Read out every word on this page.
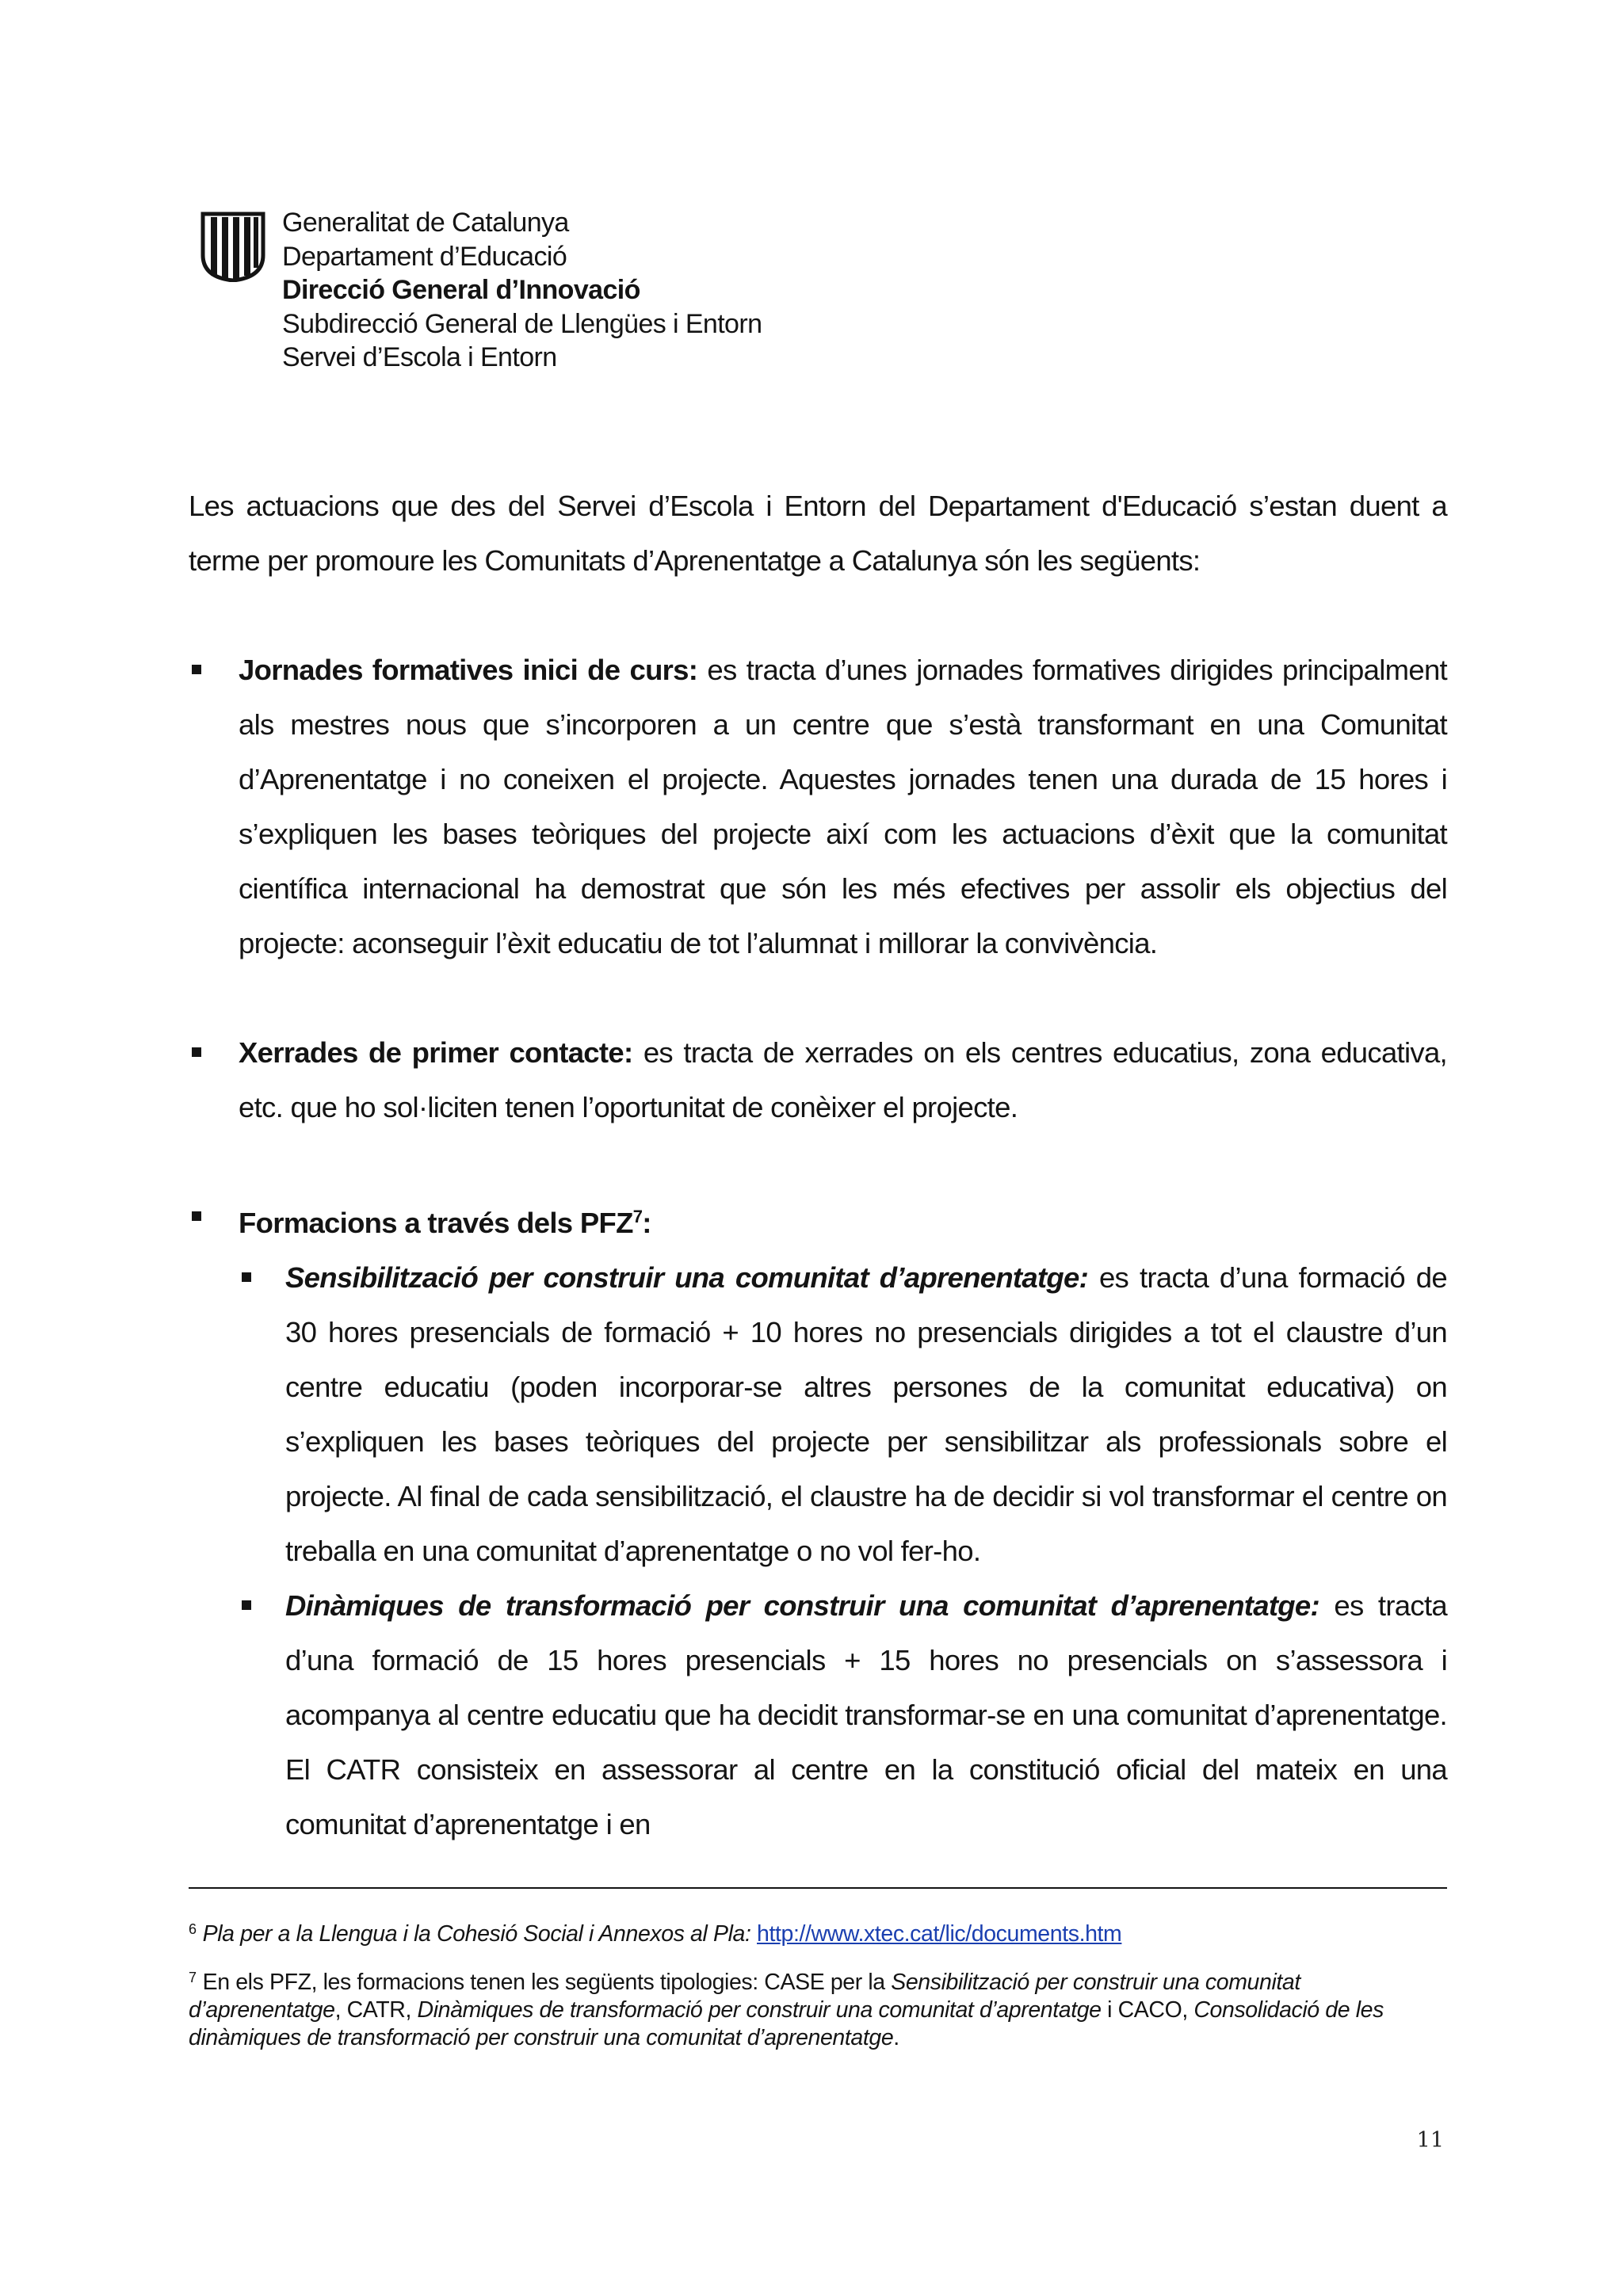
Generalitat de Catalunya
Departament d’Educació
Direcció General d’Innovació
Subdirecció General de Llengües i Entorn
Servei d’Escola i Entorn

Les actuacions que des del Servei d’Escola i Entorn del Departament d'Educació s’estan duent a terme per promoure les Comunitats d’Aprenentatge a Catalunya són les següents:

Jornades formatives inici de curs: es tracta d’unes jornades formatives dirigides principalment als mestres nous que s’incorporen a un centre que s’està transformant en una Comunitat d’Aprenentatge i no coneixen el projecte. Aquestes jornades tenen una durada de 15 hores i s’expliquen les bases teòriques del projecte així com les actuacions d’èxit que la comunitat científica internacional ha demostrat que són les més efectives per assolir els objectius del projecte: aconseguir l’èxit educatiu de tot l’alumnat i millorar la convivència.
Xerrades de primer contacte: es tracta de xerrades on els centres educatius, zona educativa, etc. que ho sol·liciten tenen l’oportunitat de conèixer el projecte.
Formacions a través dels PFZ$^7$:
Sensibilització per construir una comunitat d’aprenentatge: es tracta d’una formació de 30 hores presencials de formació + 10 hores no presencials dirigides a tot el claustre d’un centre educatiu (poden incorporar-se altres persones de la comunitat educativa) on s’expliquen les bases teòriques del projecte per sensibilitzar als professionals sobre el projecte. Al final de cada sensibilització, el claustre ha de decidir si vol transformar el centre on treballa en una comunitat d’aprenentatge o no vol fer-ho.
Dinàmiques de transformació per construir una comunitat d’aprenentatge: es tracta d’una formació de 15 hores presencials + 15 hores no presencials on s’assessora i acompanya al centre educatiu que ha decidit transformar-se en una comunitat d’aprenentatge. El CATR consisteix en assessorar al centre en la constitució oficial del mateix en una comunitat d’aprenentatge i en

$^6$ Pla per a la Llengua i la Cohesió Social i Annexos al Pla: http://www.xtec.cat/lic/documents.htm

$^7$ En els PFZ, les formacions tenen les següents tipologies: CASE per la Sensibilització per construir una comunitat d’aprenentatge, CATR, Dinàmiques de transformació per construir una comunitat d’aprentatge i CACO, Consolidació de les dinàmiques de transformació per construir una comunitat d’aprenentatge.

11
